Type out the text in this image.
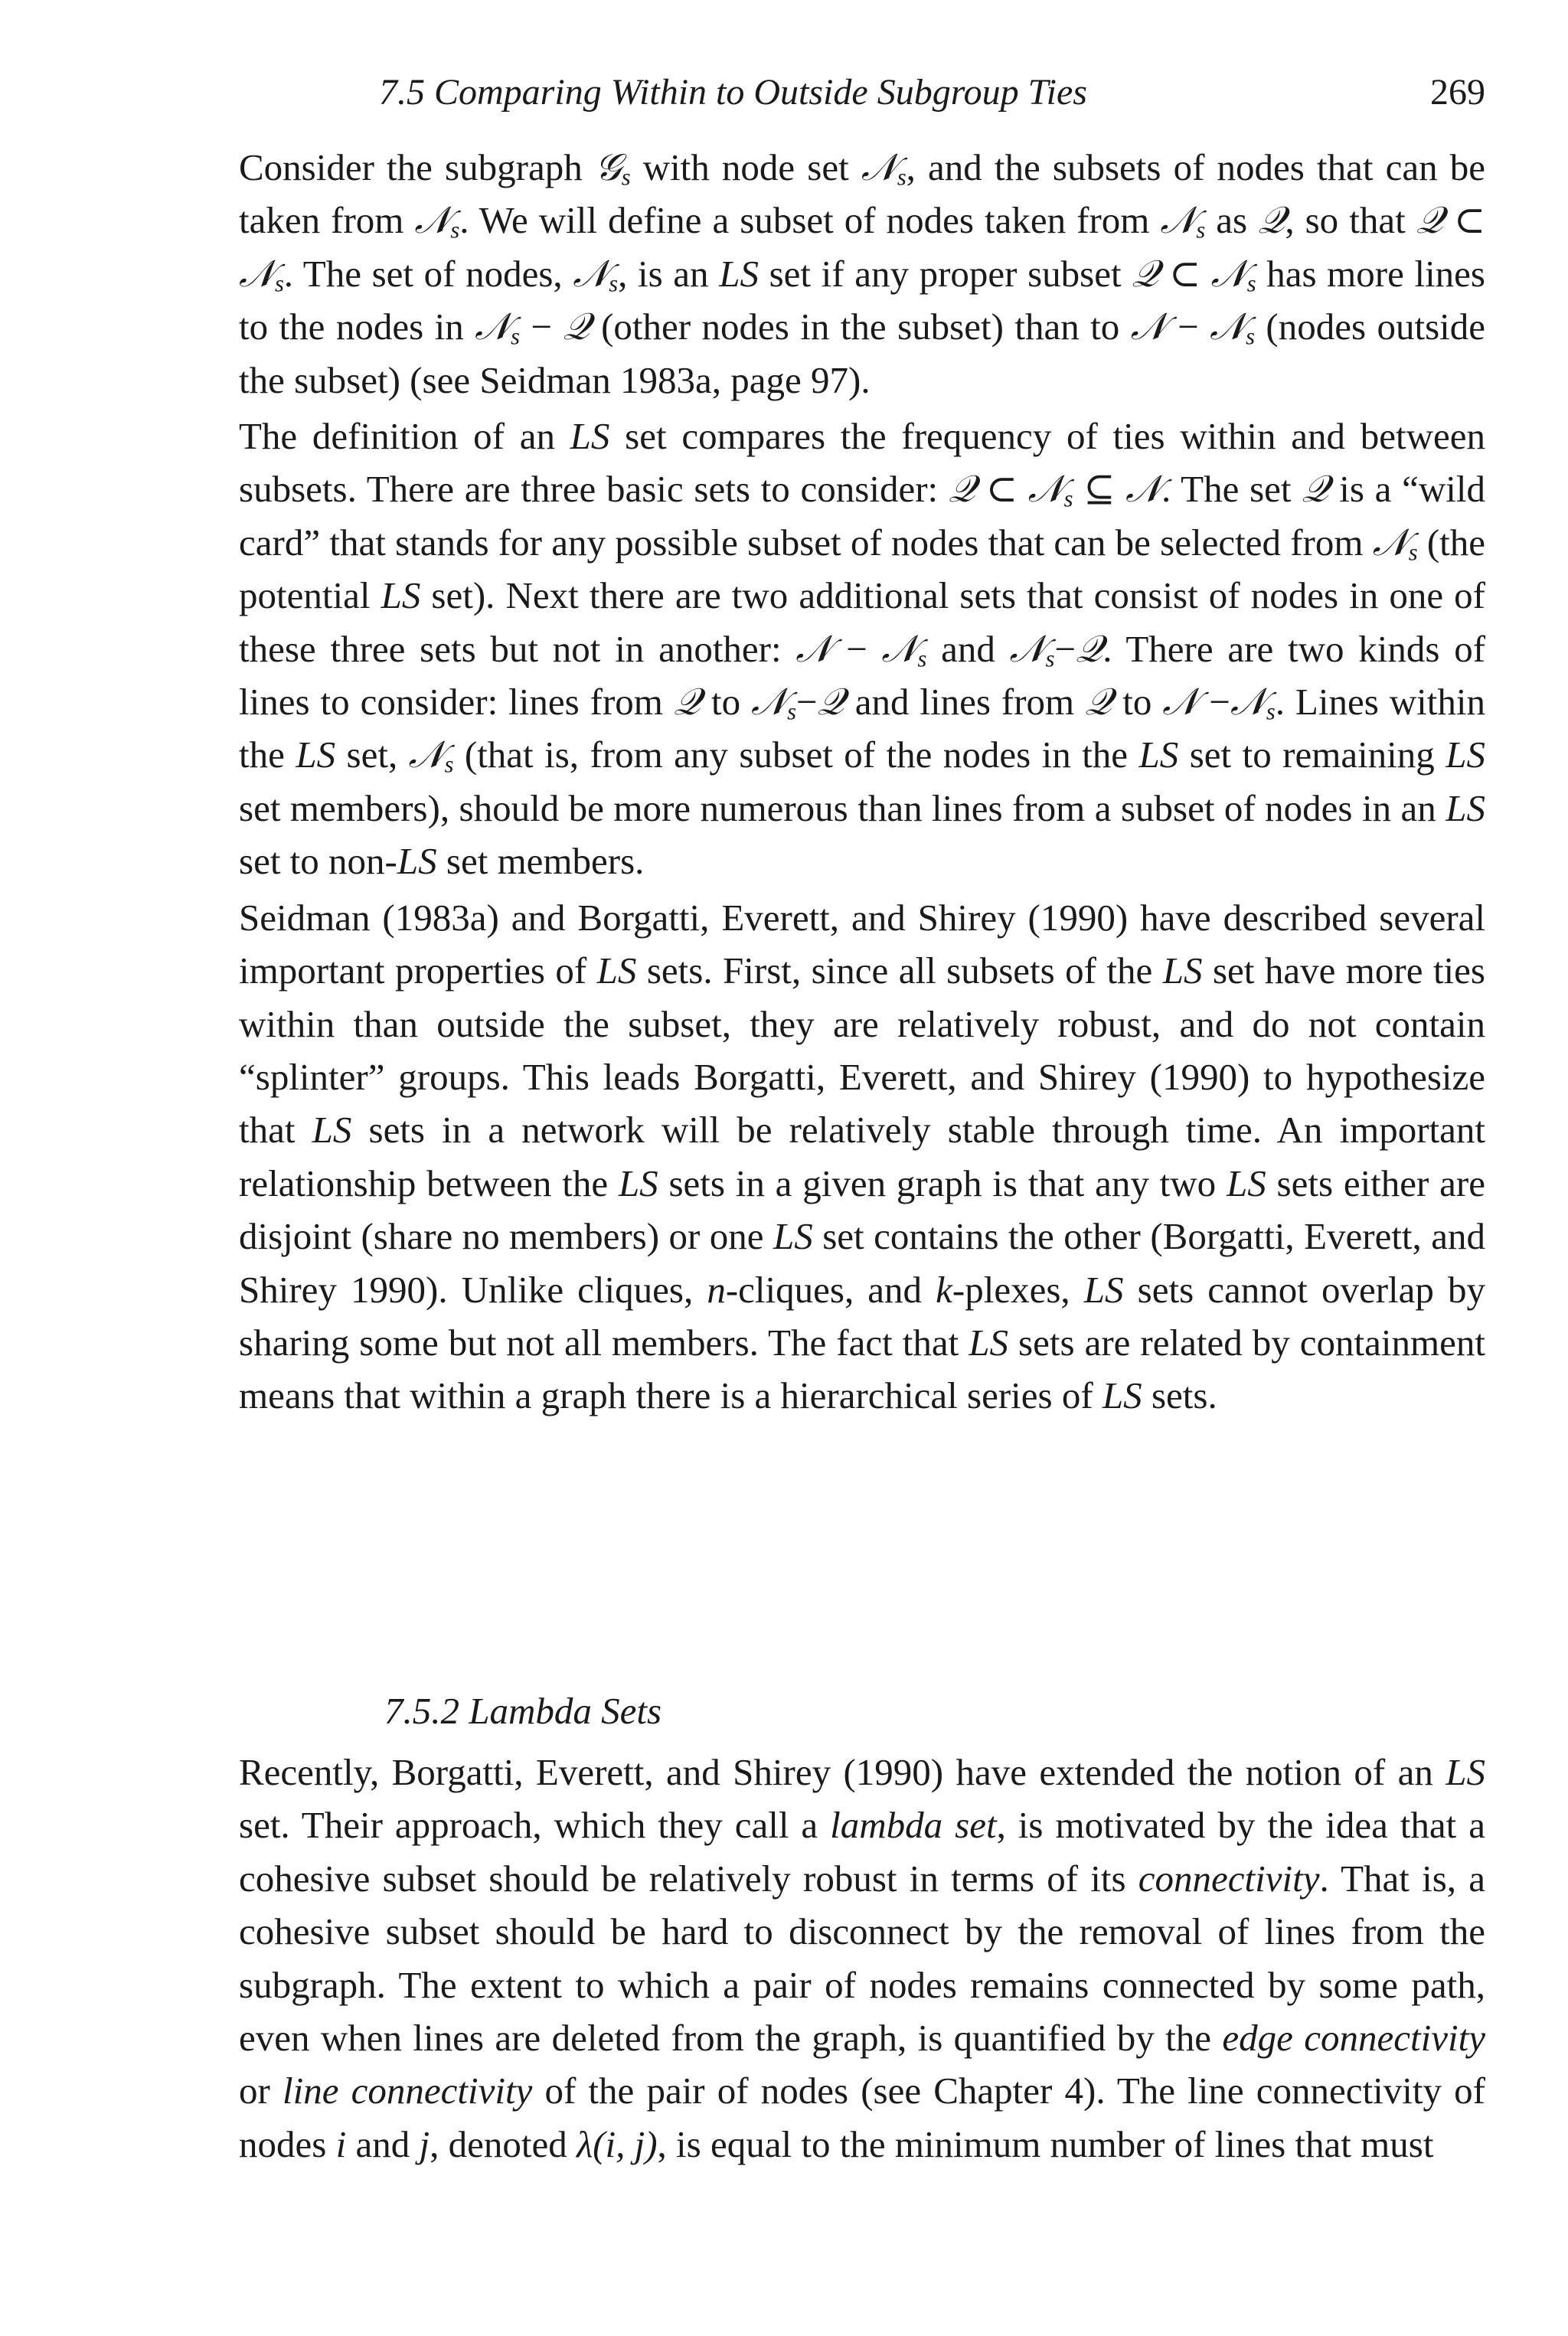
7.5 Comparing Within to Outside Subgroup Ties	269

Consider the subgraph 𝒢$_s$ with node set 𝒩$_s$, and the subsets of nodes that can be taken from 𝒩$_s$. We will define a subset of nodes taken from 𝒩$_s$ as 𝒬, so that 𝒬 ⊂ 𝒩$_s$. The set of nodes, 𝒩$_s$, is an LS set if any proper subset 𝒬 ⊂ 𝒩$_s$ has more lines to the nodes in 𝒩$_s$ − 𝒬 (other nodes in the subset) than to 𝒩 − 𝒩$_s$ (nodes outside the subset) (see Seidman 1983a, page 97).

The definition of an LS set compares the frequency of ties within and between subsets. There are three basic sets to consider: 𝒬 ⊂ 𝒩$_s$ ⊆ 𝒩. The set 𝒬 is a “wild card” that stands for any possible subset of nodes that can be selected from 𝒩$_s$ (the potential LS set). Next there are two additional sets that consist of nodes in one of these three sets but not in another: 𝒩 − 𝒩$_s$ and 𝒩$_s$−𝒬. There are two kinds of lines to consider: lines from 𝒬 to 𝒩$_s$−𝒬 and lines from 𝒬 to 𝒩 −𝒩$_s$. Lines within the LS set, 𝒩$_s$ (that is, from any subset of the nodes in the LS set to remaining LS set members), should be more numerous than lines from a subset of nodes in an LS set to non-LS set members.

Seidman (1983a) and Borgatti, Everett, and Shirey (1990) have described several important properties of LS sets. First, since all subsets of the LS set have more ties within than outside the subset, they are relatively robust, and do not contain “splinter” groups. This leads Borgatti, Everett, and Shirey (1990) to hypothesize that LS sets in a network will be relatively stable through time. An important relationship between the LS sets in a given graph is that any two LS sets either are disjoint (share no members) or one LS set contains the other (Borgatti, Everett, and Shirey 1990). Unlike cliques, n-cliques, and k-plexes, LS sets cannot overlap by sharing some but not all members. The fact that LS sets are related by containment means that within a graph there is a hierarchical series of LS sets.

7.5.2 Lambda Sets

Recently, Borgatti, Everett, and Shirey (1990) have extended the notion of an LS set. Their approach, which they call a lambda set, is motivated by the idea that a cohesive subset should be relatively robust in terms of its connectivity. That is, a cohesive subset should be hard to disconnect by the removal of lines from the subgraph. The extent to which a pair of nodes remains connected by some path, even when lines are deleted from the graph, is quantified by the edge connectivity or line connectivity of the pair of nodes (see Chapter 4). The line connectivity of nodes i and j, denoted λ(i, j), is equal to the minimum number of lines that must
